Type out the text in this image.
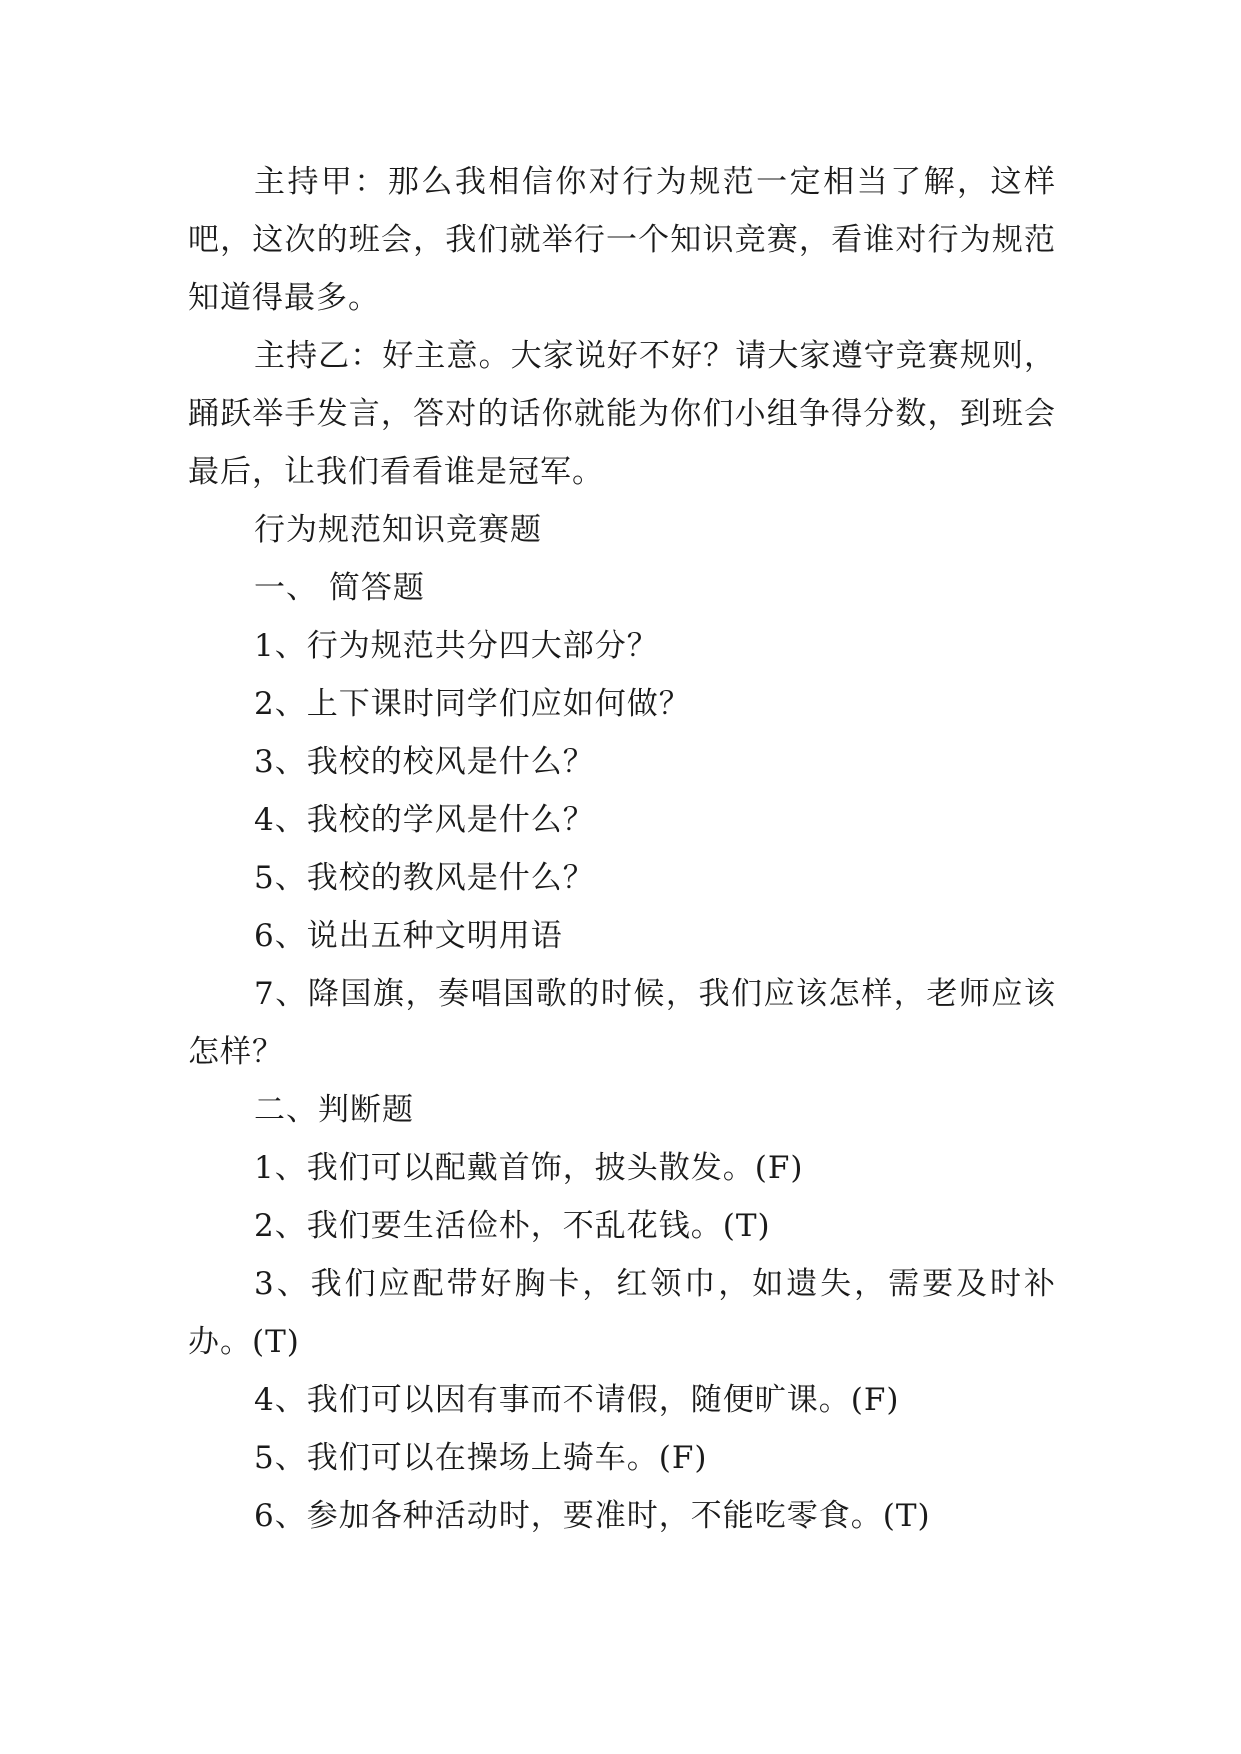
主持甲：那么我相信你对行为规范一定相当了解，这样吧，这次的班会，我们就举行一个知识竞赛，看谁对行为规范知道得最多。

主持乙：好主意。大家说好不好？请大家遵守竞赛规则，踊跃举手发言，答对的话你就能为你们小组争得分数，到班会最后，让我们看看谁是冠军。

行为规范知识竞赛题

一、 简答题

1、行为规范共分四大部分？

2、上下课时同学们应如何做？

3、我校的校风是什么？

4、我校的学风是什么？

5、我校的教风是什么？

6、说出五种文明用语

7、降国旗，奏唱国歌的时候，我们应该怎样，老师应该怎样？

二、判断题

1、我们可以配戴首饰，披头散发。(F)

2、我们要生活俭朴，不乱花钱。(T)

3、我们应配带好胸卡，红领巾，如遗失，需要及时补办。(T)

4、我们可以因有事而不请假，随便旷课。(F)

5、我们可以在操场上骑车。(F)

6、参加各种活动时，要准时，不能吃零食。(T)
